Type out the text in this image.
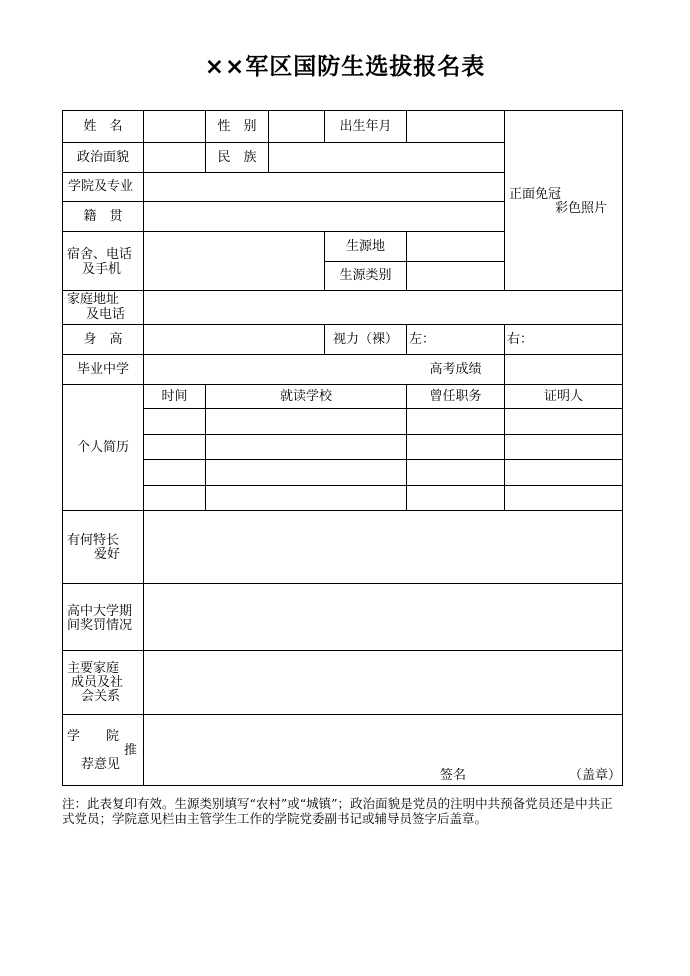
××军区国防生选拔报名表
姓　名	性　别	出生年月
政治面貌	民　族
正面免冠
彩色照片
学院及专业
籍　贯
宿舍、电话
及手机
生源地
生源类别
家庭地址
及电话
身　高	视力（裸） 左：	右：
毕业中学	高考成绩
个人简历
时间	就读学校	曾任职务	证明人
有何特长
爱好
高中大学期
间奖罚情况
主要家庭
成员及社
会关系
学　　院
推
荐意见
签名	（盖章）
注：此表复印有效。生源类别填写“农村”或“城镇”；政治面貌是党员的注明中共预备党员还是中共正式党员；学院意见栏由主管学生工作的学院党委副书记或辅导员签字后盖章。
